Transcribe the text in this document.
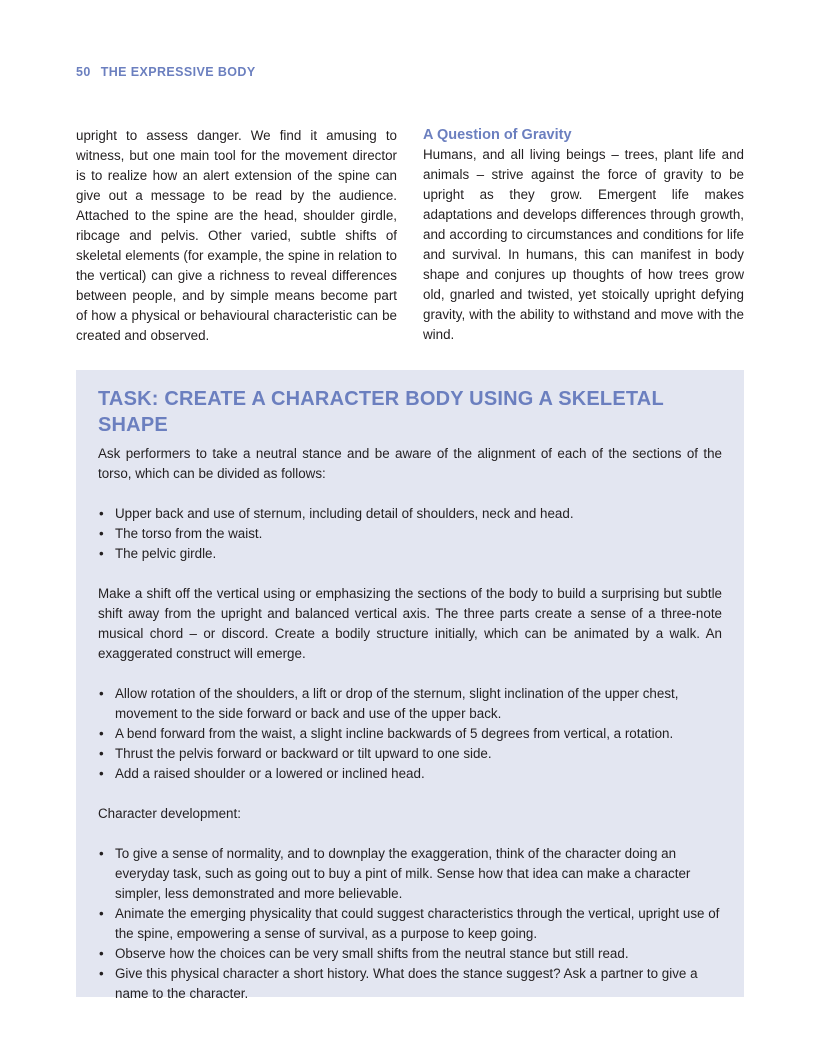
50 THE EXPRESSIVE BODY

upright to assess danger. We find it amusing to witness, but one main tool for the movement director is to realize how an alert extension of the spine can give out a message to be read by the audience. Attached to the spine are the head, shoulder girdle, ribcage and pelvis. Other varied, subtle shifts of skeletal elements (for example, the spine in relation to the vertical) can give a richness to reveal differences between people, and by simple means become part of how a physical or behavioural characteristic can be created and observed.

A Question of Gravity

Humans, and all living beings – trees, plant life and animals – strive against the force of gravity to be upright as they grow. Emergent life makes adaptations and develops differences through growth, and according to circumstances and conditions for life and survival. In humans, this can manifest in body shape and conjures up thoughts of how trees grow old, gnarled and twisted, yet stoically upright defying gravity, with the ability to withstand and move with the wind.

TASK: CREATE A CHARACTER BODY USING A SKELETAL SHAPE

Ask performers to take a neutral stance and be aware of the alignment of each of the sections of the torso, which can be divided as follows:

• Upper back and use of sternum, including detail of shoulders, neck and head.
• The torso from the waist.
• The pelvic girdle.

Make a shift off the vertical using or emphasizing the sections of the body to build a surprising but subtle shift away from the upright and balanced vertical axis. The three parts create a sense of a three-note musical chord – or discord. Create a bodily structure initially, which can be animated by a walk. An exaggerated construct will emerge.

• Allow rotation of the shoulders, a lift or drop of the sternum, slight inclination of the upper chest, movement to the side forward or back and use of the upper back.
• A bend forward from the waist, a slight incline backwards of 5 degrees from vertical, a rotation.
• Thrust the pelvis forward or backward or tilt upward to one side.
• Add a raised shoulder or a lowered or inclined head.

Character development:

• To give a sense of normality, and to downplay the exaggeration, think of the character doing an everyday task, such as going out to buy a pint of milk. Sense how that idea can make a character simpler, less demonstrated and more believable.
• Animate the emerging physicality that could suggest characteristics through the vertical, upright use of the spine, empowering a sense of survival, as a purpose to keep going.
• Observe how the choices can be very small shifts from the neutral stance but still read.
• Give this physical character a short history. What does the stance suggest? Ask a partner to give a name to the character.
